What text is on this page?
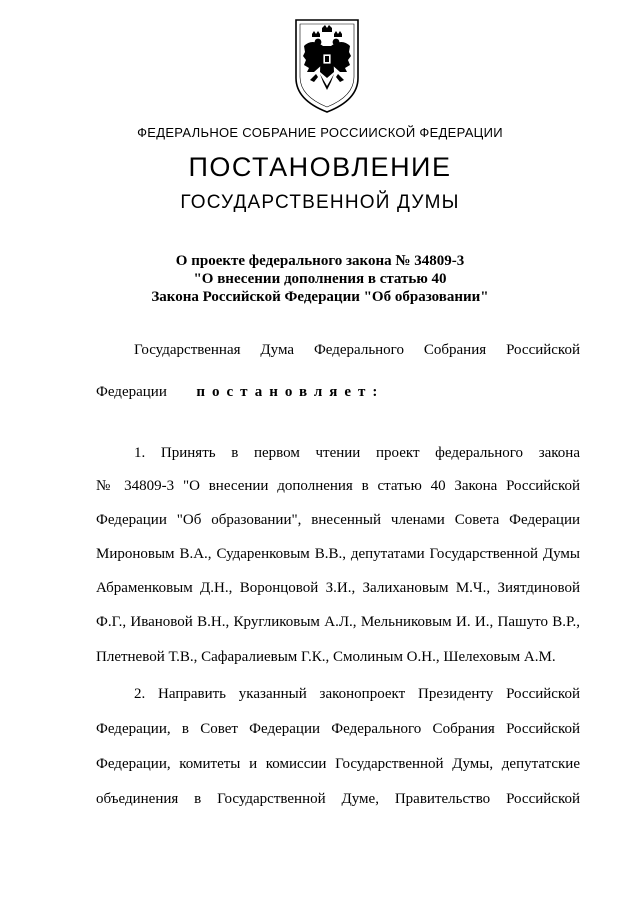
ФЕДЕРАЛЬНОЕ СОБРАНИЕ РОССИИСКОЙ ФЕДЕРАЦИИ
ПОСТАНОВЛЕНИЕ
ГОСУДАРСТВЕННОЙ ДУМЫ
О проекте федерального закона № 34809-3
"О внесении дополнения в статью 40
Закона Российской Федерации "Об образовании"
Государственная Дума Федерального Собрания Российской
Федерации постановляет:
1. Принять в первом чтении проект федерального закона
№ 34809-3 "О внесении дополнения в статью 40 Закона Российской
Федерации "Об образовании", внесенный членами Совета Федерации
Мироновым В.А., Сударенковым В.В., депутатами Государственной Думы
Абраменковым Д.Н., Воронцовой З.И., Залихановым М.Ч., Зиятдиновой
Ф.Г., Ивановой В.Н., Кругликовым А.Л., Мельниковым И. И., Пашуто В.Р.,
Плетневой Т.В., Сафаралиевым Г.К., Смолиным О.Н., Шелеховым А.М.
2. Направить указанный законопроект Президенту Российской
Федерации, в Совет Федерации Федерального Собрания Российской
Федерации, комитеты и комиссии Государственной Думы, депутатские
объединения в Государственной Думе, Правительство Российской
